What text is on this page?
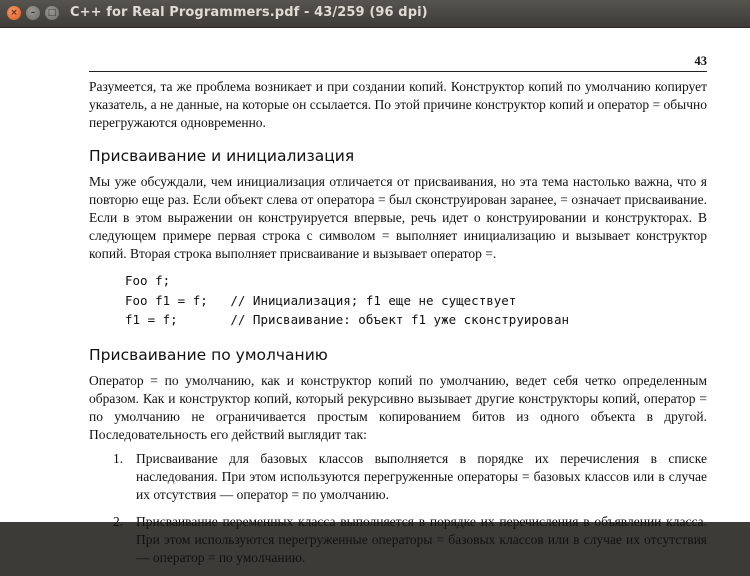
×	–	□ C++ for Real Programmers.pdf - 43/259 (96 dpi)
43

Разумеется, та же проблема возникает и при создании копий. Конструктор копий по умолчанию копирует указатель, а не данные, на которые он ссылается. По этой причине конструктор копий и оператор = обычно перегружаются одновременно.

Присваивание и инициализация

Мы уже обсуждали, чем инициализация отличается от присваивания, но эта тема настолько важна, что я повторю еще раз. Если объект слева от оператора = был сконструирован заранее, = означает присваивание. Если в этом выражении он конструируется впервые, речь идет о конструировании и конструкторах. В следующем примере первая строка с символом = выполняет инициализацию и вызывает конструктор копий. Вторая строка выполняет присваивание и вызывает оператор =.

Foo f;
Foo f1 = f;   // Инициализация; f1 еще не существует
f1 = f;       // Присваивание: объект f1 уже сконструирован
Присваивание по умолчанию

Оператор = по умолчанию, как и конструктор копий по умолчанию, ведет себя четко определенным образом. Как и конструктор копий, который рекурсивно вызывает другие конструкторы копий, оператор = по умолчанию не ограничивается простым копированием битов из одного объекта в другой. Последовательность его действий выглядит так:

1. Присваивание для базовых классов выполняется в порядке их перечисления в списке наследования. При этом используются перегруженные операторы = базовых классов или в случае их отсутствия — оператор = по умолчанию.
2. Присваивание переменных класса выполняется в порядке их перечисления в объявлении класса. При этом используются перегруженные операторы = базовых классов или в случае их отсутствия — оператор = по умолчанию.
